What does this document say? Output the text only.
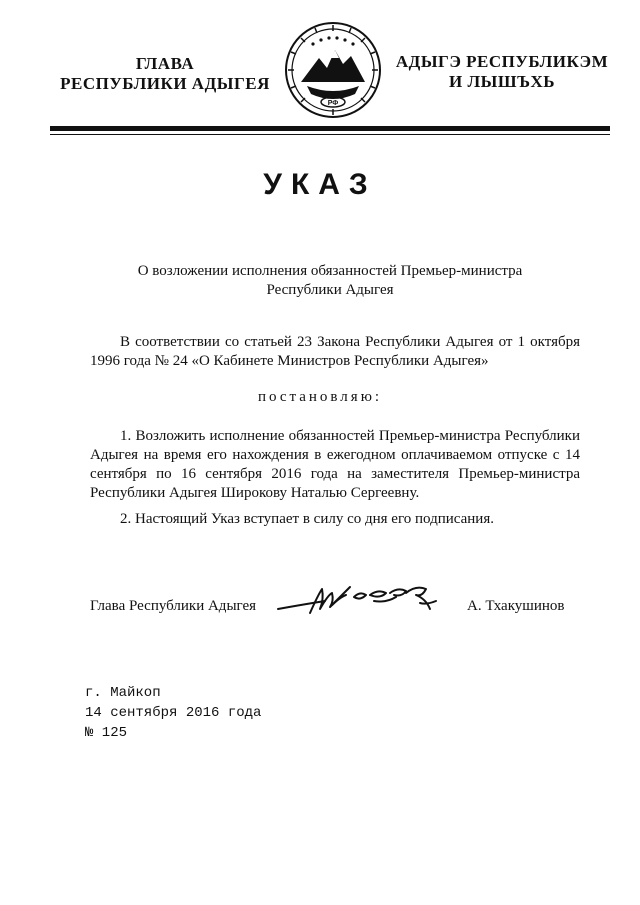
ГЛАВА
РЕСПУБЛИКИ АДЫГЕЯ
РФ
АДЫГЭ РЕСПУБЛИКЭМ
И ЛЫШЪХЬ
УКАЗ
О возложении исполнения обязанностей Премьер-министра
Республики Адыгея
В соответствии со статьей 23 Закона Республики Адыгея от 1 октября 1996 года № 24 «О Кабинете Министров Республики Адыгея»
постановляю:
1. Возложить исполнение обязанностей Премьер-министра Республики Адыгея на время его нахождения в ежегодном оплачиваемом отпуске с 14 сентября по 16 сентября 2016 года на заместителя Премьер-министра Республики Адыгея Широкову Наталью Сергеевну.
2. Настоящий Указ вступает в силу со дня его подписания.
Глава Республики Адыгея	А. Тхакушинов
г. Майкоп
14 сентября 2016 года
№ 125
